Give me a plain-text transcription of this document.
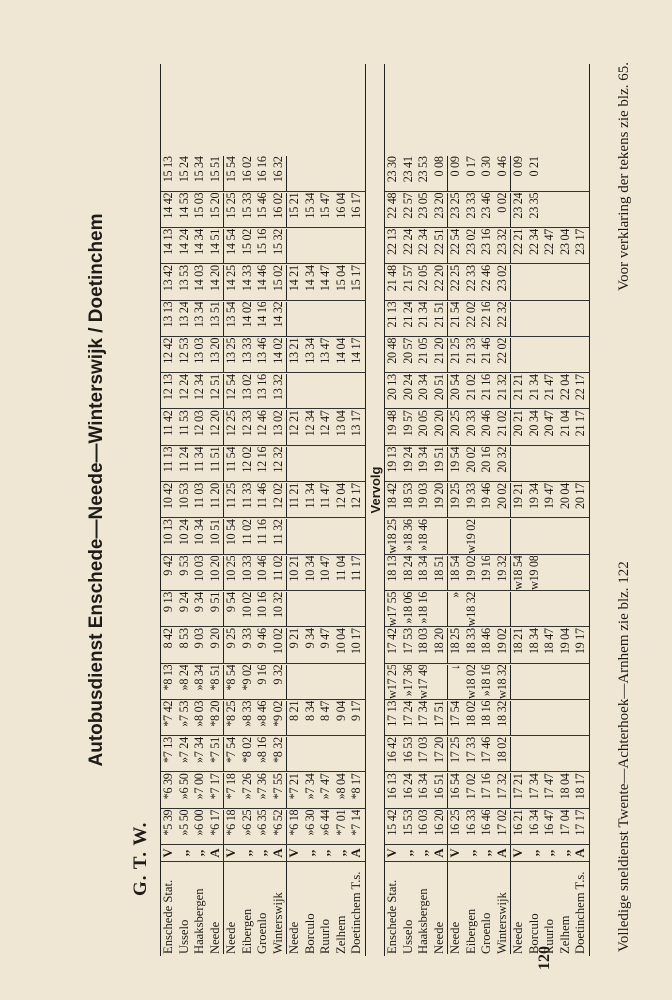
120
Autobusdienst Enschede—Neede—Winterswijk / Doetinchem
G. T. W.
Enschede Stat. Usselo Haaksbergen Neede Neede Eibergen Groenlo Winterswijk Neede Borculo Ruurlo Zelhem Doetinchem T.s.
V ,, ,, A V ,, ,, A V ,, ,, ,, A
*5 39 »5 50 »6 00 *6 17 *6 18 »6 25 »6 35 *6 52 *6 18 »6 30 »6 44 *7 01 *7 14
*6 39 »6 50 »7 00 *7 17 *7 18 »7 26 »7 36 *7 55 *7 21 »7 34 »7 47 »8 04 *8 17
*7 13 »7 24 »7 34 *7 51 *7 54 *8 02 »8 16 *8 32
*7 42 »7 53 »8 03 *8 20 *8 25 »8 33 »8 46 *9 02 8 21 8 34 8 47 9 04 9 17
*8 13 »8 24 »8 34 *8 51 *8 54 *9 02 9 16 9 32
8 42 8 53 9 03 9 20 9 25 9 33 9 46 10 02 9 21 9 34 9 47 10 04 10 17
9 13 9 24 9 34 9 51 9 54 10 02 10 16 10 32
9 42 9 53 10 03 10 20 10 25 10 33 10 46 11 02 10 21 10 34 10 47 11 04 11 17
10 13 10 24 10 34 10 51 10 54 11 02 11 16 11 32
10 42 10 53 11 03 11 20 11 25 11 33 11 46 12 02 11 21 11 34 11 47 12 04 12 17
11 13 11 24 11 34 11 51 11 54 12 02 12 16 12 32
11 42 11 53 12 03 12 20 12 25 12 33 12 46 13 02 12 21 12 34 12 47 13 04 13 17
12 13 12 24 12 34 12 51 12 54 13 02 13 16 13 32
12 42 12 53 13 03 13 20 13 25 13 33 13 46 14 02 13 21 13 34 13 47 14 04 14 17
13 13 13 24 13 34 13 51 13 54 14 02 14 16 14 32
13 42 13 53 14 03 14 20 14 25 14 33 14 46 15 02 14 21 14 34 14 47 15 04 15 17
14 13 14 24 14 34 14 51 14 54 15 02 15 16 15 32
14 42 14 53 15 03 15 20 15 25 15 33 15 46 16 02 15 21 15 34 15 47 16 04 16 17
15 13 15 24 15 34 15 51 15 54 16 02 16 16 16 32
Vervolg
Enschede Stat. Usselo Haaksbergen Neede Neede Eibergen Groenlo Winterswijk Neede Borculo Ruurlo Zelhem Doetinchem T.s.
V ,, ,, A V ,, ,, A V ,, ,, ,, A
15 42 15 53 16 03 16 20 16 25 16 33 16 46 17 02 16 21 16 34 16 47 17 04 17 17
16 13 16 24 16 34 16 51 16 54 17 02 17 16 17 32 17 21 17 34 17 47 18 04 18 17
16 42 16 53 17 03 17 20 17 25 17 33 17 46 18 02
17 13 17 24 17 34 17 51 17 54 18 02 18 16 18 32
w17 25 »17 36 w17 49 ↓ w18 02 »18 16 w18 32
17 42 17 53 18 03 18 20 18 25 18 33 18 46 19 02 18 21 18 34 18 47 19 04 19 17
w17 55 »18 06 »18 16 » w18 32
18 13 18 24 18 34 18 51 18 54 19 02 19 16 19 32 w18 54 w19 08
w18 25 »18 36 »18 46	w19 02
18 42 18 53 19 03 19 20 19 25 19 33 19 46 20 02 19 21 19 34 19 47 20 04 20 17
19 13 19 24 19 34 19 51 19 54 20 02 20 16 20 32
19 48 19 57 20 05 20 20 20 25 20 33 20 46 21 02 20 21 20 34 20 47 21 04 21 17
20 13 20 24 20 34 20 51 20 54 21 02 21 16 21 32 21 21 21 34 21 47 22 04 22 17
20 48 20 57 21 05 21 20 21 25 21 33 21 46 22 02
21 13 21 24 21 34 21 51 21 54 22 02 22 16 22 32
21 48 21 57 22 05 22 20 22 25 22 33 22 46 23 02
22 13 22 24 22 34 22 51 22 54 23 02 23 16 23 32 22 21 22 34 22 47 23 04 23 17
22 48 22 57 23 05 23 20 23 25 23 33 23 46 0 02 23 24 23 35
23 30 23 41 23 53 0 08 0 09 0 17 0 30 0 46 0 09 0 21
Volledige sneldienst Twente—Achterhoek—Arnhem zie blz. 122
Voor verklaring der tekens zie blz. 65.
